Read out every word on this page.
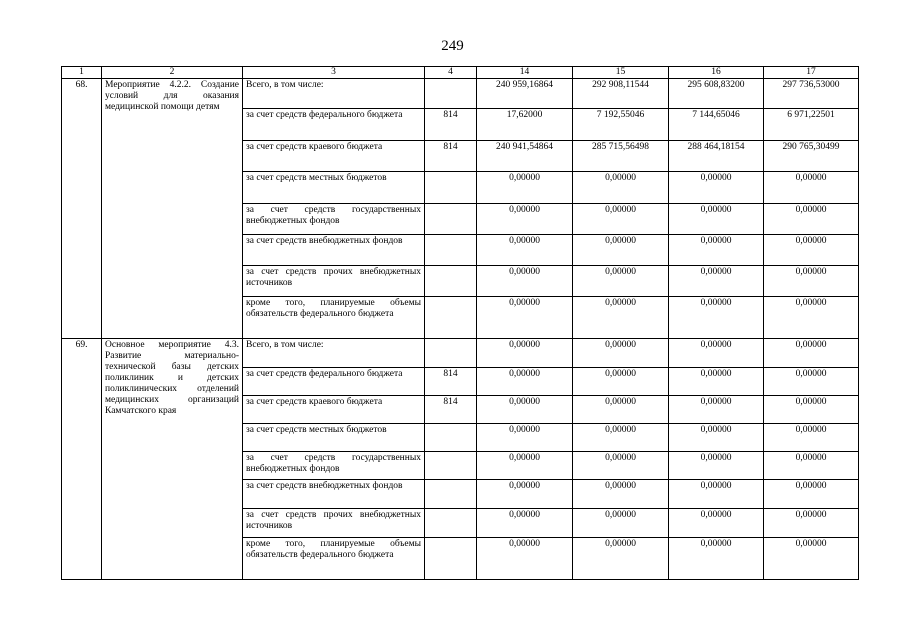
249
1	2	3	4	14	15	16	17
68.	Мероприятие 4.2.2. Создание условий для оказания медицинской помощи детям	Всего, в том числе:		240 959,16864	292 908,11544	295 608,83200	297 736,53000
		за счет средств федерального бюджета	814	17,62000	7 192,55046	7 144,65046	6 971,22501
		за счет средств краевого бюджета	814	240 941,54864	285 715,56498	288 464,18154	290 765,30499
		за счет средств местных бюджетов		0,00000	0,00000	0,00000	0,00000
		за счет средств государственных внебюджетных фондов		0,00000	0,00000	0,00000	0,00000
		за счет средств внебюджетных фондов		0,00000	0,00000	0,00000	0,00000
		за счет средств прочих внебюджетных источников		0,00000	0,00000	0,00000	0,00000
		кроме того, планируемые объемы обязательств федерального бюджета		0,00000	0,00000	0,00000	0,00000
69.	Основное мероприятие 4.3. Развитие материально-технической базы детских поликлиник и детских поликлинических отделений медицинских организаций Камчатского края	Всего, в том числе:		0,00000	0,00000	0,00000	0,00000
		за счет средств федерального бюджета	814	0,00000	0,00000	0,00000	0,00000
		за счет средств краевого бюджета	814	0,00000	0,00000	0,00000	0,00000
		за счет средств местных бюджетов		0,00000	0,00000	0,00000	0,00000
		за счет средств государственных внебюджетных фондов		0,00000	0,00000	0,00000	0,00000
		за счет средств внебюджетных фондов		0,00000	0,00000	0,00000	0,00000
		за счет средств прочих внебюджетных источников		0,00000	0,00000	0,00000	0,00000
		кроме того, планируемые объемы обязательств федерального бюджета		0,00000	0,00000	0,00000	0,00000
